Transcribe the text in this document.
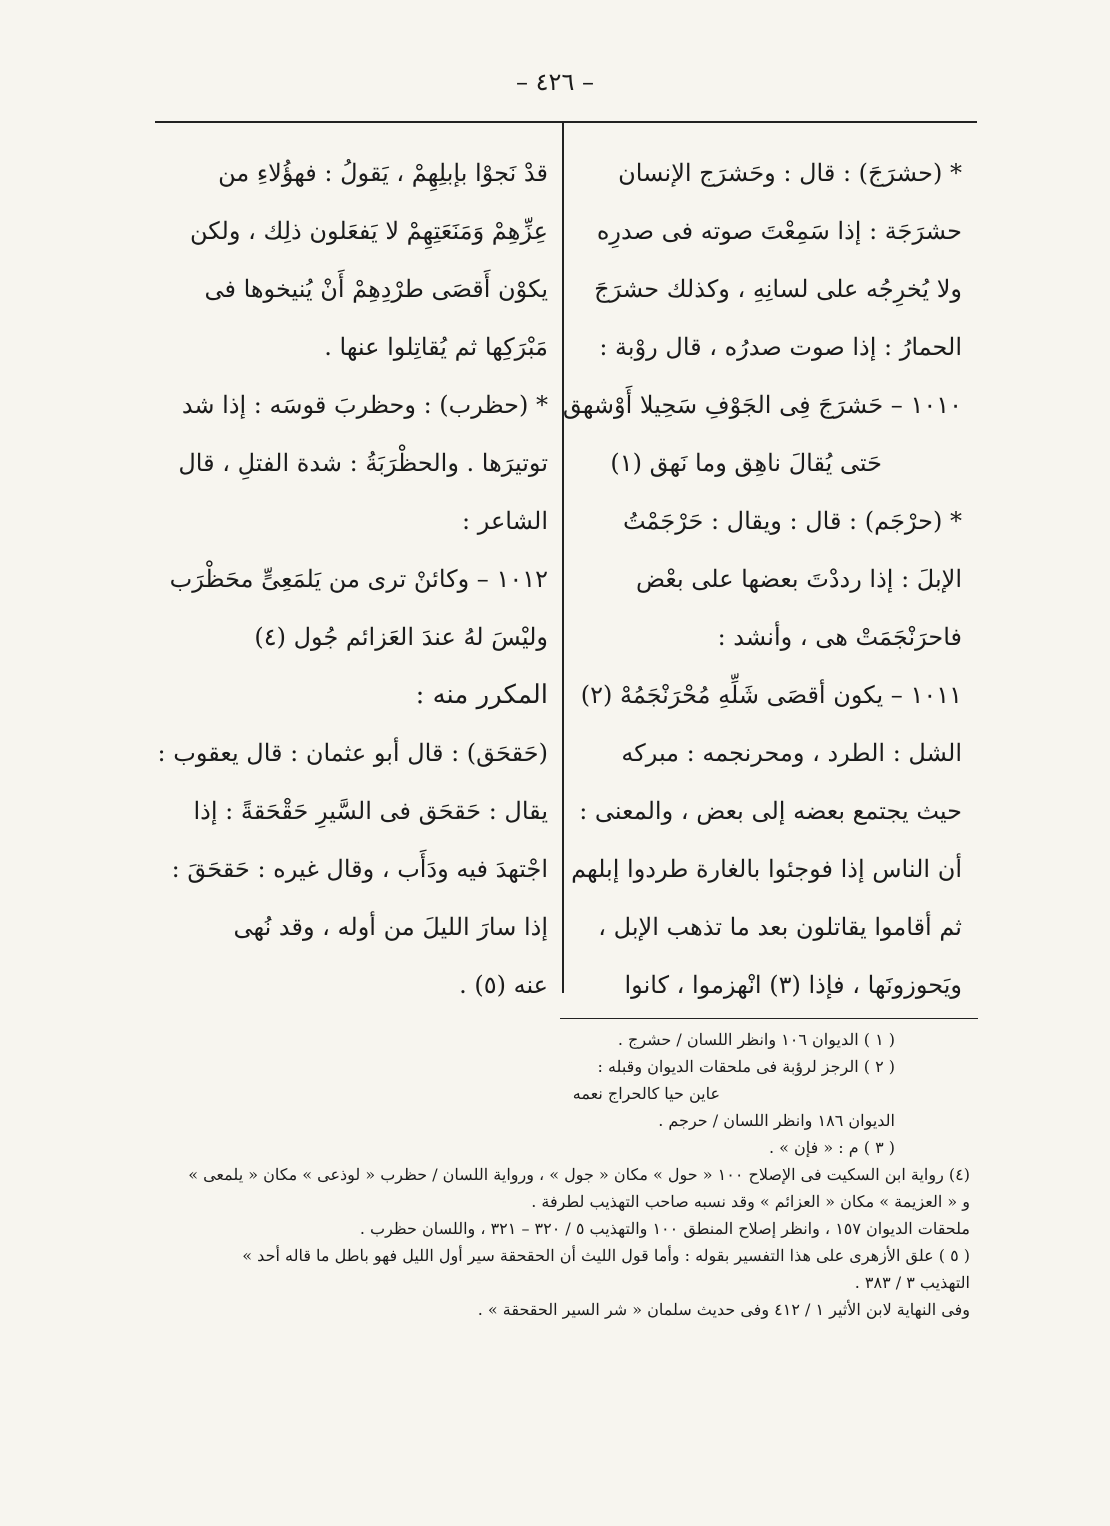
– ٤٢٦ –
* (حشرَجَ) : قال : وحَشرَج الإنسان
حشرَجَة : إذا سَمِعْتَ صوته فى صدرِه
ولا يُخرِجُه على لسانِهِ ، وكذلك حشرَجَ
الحمارُ : إذا صوت صدرُه ، قال روْبة :
١٠١٠ – حَشرَجَ فِى الجَوْفِ سَحِيلا أَوْشهق
حَتى يُقالَ ناهِق وما نَهق (١)
* (حرْجَم) : قال : ويقال : حَرْجَمْتُ
الإبلَ : إذا رددْتَ بعضها على بعْض
فاحرَنْجَمَتْ هى ، وأنشد :
١٠١١ – يكون أقصَى شَلِّهِ مُحْرَنْجَمُهْ (٢)
الشل : الطرد ، ومحرنجمه : مبركه
حيث يجتمع بعضه إلى بعض ، والمعنى :
أن الناس إذا فوجئوا بالغارة طردوا إبلهم
ثم أقاموا يقاتلون بعد ما تذهب الإبل ،
ويَحوزونَها ، فإذا (٣) انْهزموا ، كانوا
قدْ نَجوْا بإبلِهِمْ ، يَقولُ : فهؤُلاءِ من
عِزِّهِمْ وَمَنَعَتِهِمْ لا يَفعَلون ذلِك ، ولكن
يكوْن أَقصَى طرْدِهِمْ أَنْ يُنيخوها فى
مَبْرَكِها ثم يُقاتِلوا عنها .
* (حظرب) : وحظربَ قوسَه : إذا شد
توتيرَها . والحظْرَبَةُ : شدة الفتلِ ، قال
الشاعر :
١٠١٢ – وكائنْ ترى من يَلمَعِىٍّ محَظْرَب
وليْسَ لهُ عندَ العَزائم جُول (٤)
المكرر منه :
(حَقحَق) : قال أبو عثمان : قال يعقوب :
يقال : حَقحَق فى السَّيرِ حَقْحَقةً : إذا
اجْتهدَ فيه ودَأَب ، وقال غيره : حَقحَقَ :
إذا سارَ الليلَ من أوله ، وقد نُهى
عنه (٥) .
( ١ ) الديوان ١٠٦ وانظر اللسان / حشرج .
( ٢ ) الرجز لرؤبة فى ملحقات الديوان وقبله :
عاين حيا كالحراج نعمه
الديوان ١٨٦ وانظر اللسان / حرجم .
( ٣ ) م : « فإن » .
(٤) رواية ابن السكيت فى الإصلاح ١٠٠ « حول » مكان « جول » ، ورواية اللسان / حظرب « لوذعى » مكان « يلمعى »
و « العزيمة » مكان « العزائم » وقد نسبه صاحب التهذيب لطرفة .
ملحقات الديوان ١٥٧ ، وانظر إصلاح المنطق ١٠٠ والتهذيب ٥ / ٣٢٠ – ٣٢١ ، واللسان حظرب .
( ٥ ) علق الأزهرى على هذا التفسير بقوله : وأما قول الليث أن الحقحقة سير أول الليل فهو باطل ما قاله أحد »
التهذيب ٣ / ٣٨٣ .
وفى النهاية لابن الأثير ١ / ٤١٢ وفى حديث سلمان « شر السير الحقحقة » .
